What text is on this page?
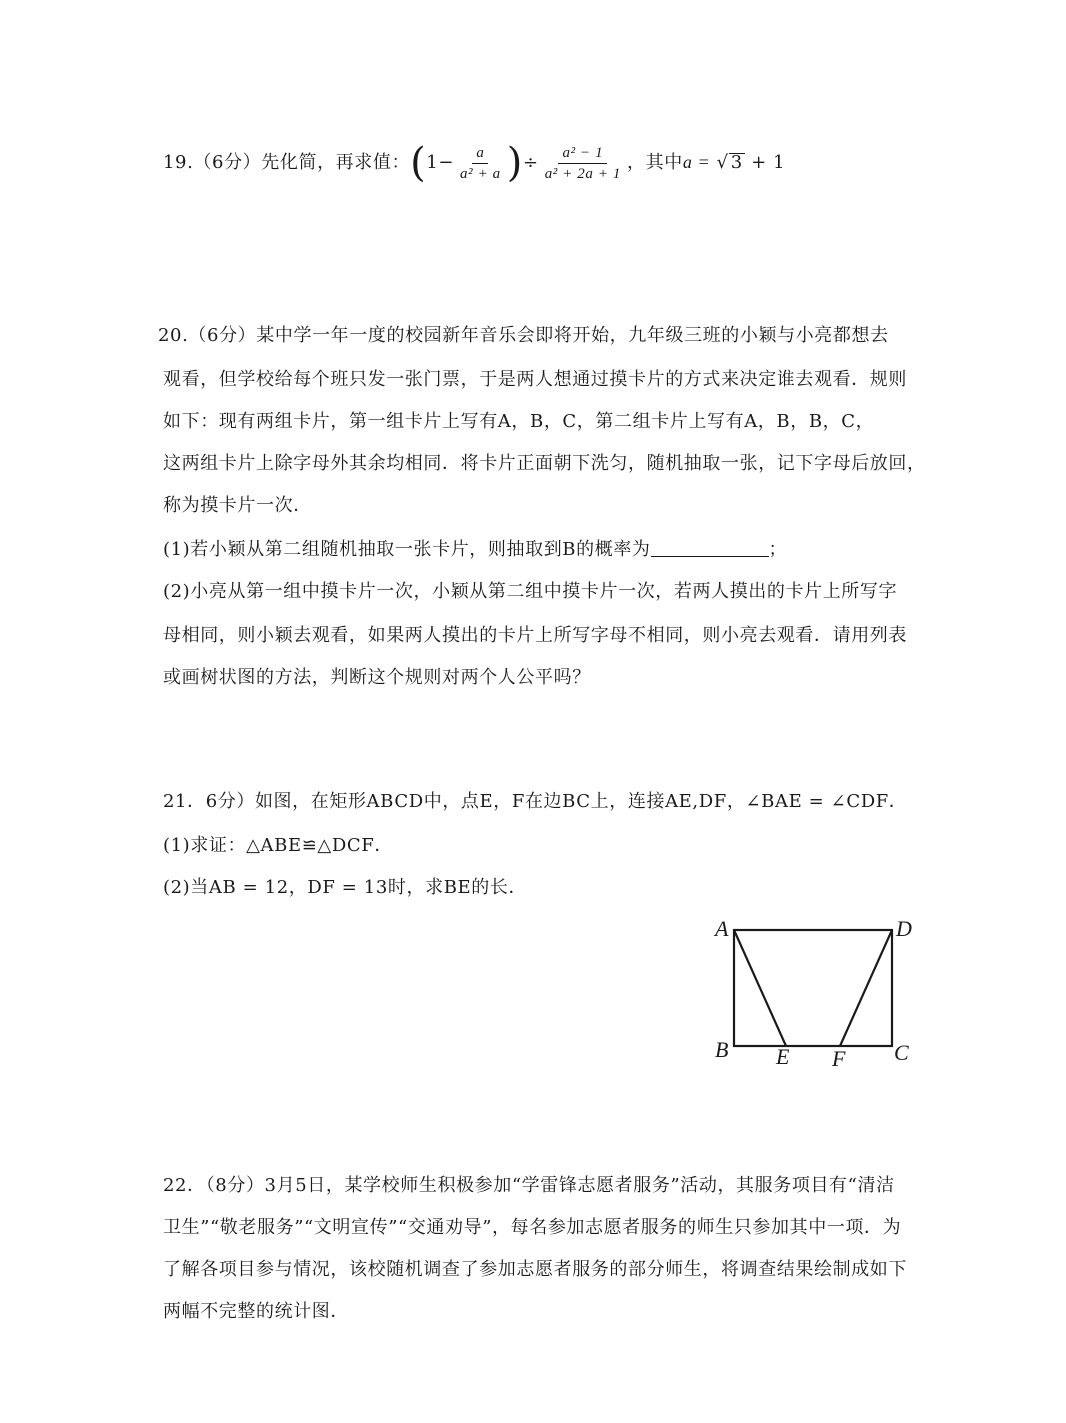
19.（6分）先化简，再求值：($1- \frac{a}{\text{a² + a}}$ )÷ $\frac{\text{a² − 1}}{\text{a² + 2a + 1}}$ ，其中a = √ 3 + 1
20.（6分）某中学一年一度的校园新年音乐会即将开始，九年级三班的小颖与小亮都想去
观看，但学校给每个班只发一张门票，于是两人想通过摸卡片的方式来决定谁去观看．规则
如下：现有两组卡片，第一组卡片上写有A，B，C，第二组卡片上写有A，B，B，C，
这两组卡片上除字母外其余均相同．将卡片正面朝下洗匀，随机抽取一张，记下字母后放回，
称为摸卡片一次．
(1)若小颖从第二组随机抽取一张卡片，则抽取到B的概率为	；
(2)小亮从第一组中摸卡片一次，小颖从第二组中摸卡片一次，若两人摸出的卡片上所写字
母相同，则小颖去观看，如果两人摸出的卡片上所写字母不相同，则小亮去观看．请用列表
或画树状图的方法，判断这个规则对两个人公平吗？
21．6分）如图，在矩形ABCD中，点E，F在边BC上，连接AE,DF，∠BAE = ∠CDF．
(1)求证：△ABE≌△DCF．
(2)当AB = 12，DF = 13时，求BE的长．
A	D
B E F C
22．（8分）3月5日，某学校师生积极参加“学雷锋志愿者服务”活动，其服务项目有“清洁
卫生”“敬老服务”“文明宣传”“交通劝导”，每名参加志愿者服务的师生只参加其中一项．为
了解各项目参与情况，该校随机调查了参加志愿者服务的部分师生，将调查结果绘制成如下
两幅不完整的统计图．
